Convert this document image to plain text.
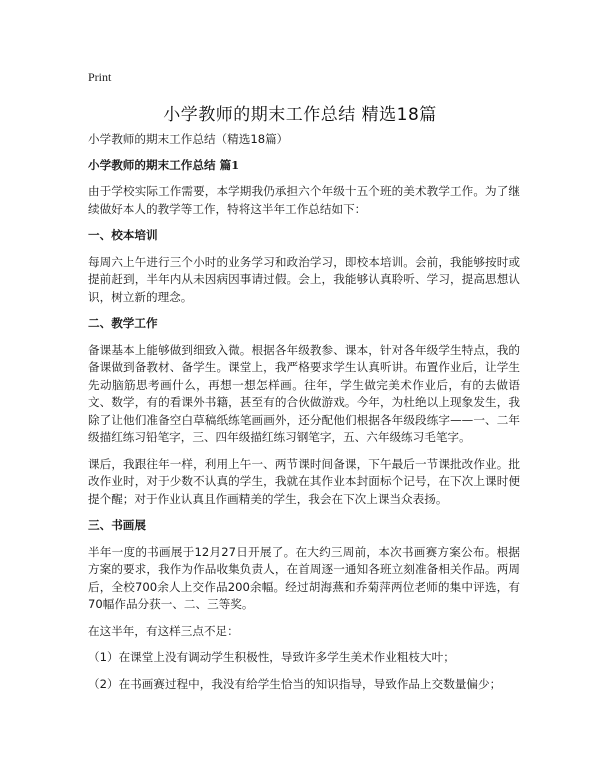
Print
小学教师的期末工作总结 精选18篇

小学教师的期末工作总结（精选18篇）

小学教师的期末工作总结 篇1

由于学校实际工作需要，本学期我仍承担六个年级十五个班的美术教学工作。为了继续做好本人的教学等工作，特将这半年工作总结如下：

一、校本培训

每周六上午进行三个小时的业务学习和政治学习，即校本培训。会前，我能够按时或提前赶到，半年内从未因病因事请过假。会上，我能够认真聆听、学习，提高思想认识，树立新的理念。

二、教学工作

备课基本上能够做到细致入微。根据各年级教参、课本，针对各年级学生特点，我的备课做到备教材、备学生。课堂上，我严格要求学生认真听讲。布置作业后，让学生先动脑筋思考画什么，再想一想怎样画。往年，学生做完美术作业后，有的去做语文、数学，有的看课外书籍，甚至有的合伙做游戏。今年，为杜绝以上现象发生，我除了让他们准备空白草稿纸练笔画画外，还分配他们根据各年级段练字——一、二年级描红练习铅笔字，三、四年级描红练习钢笔字，五、六年级练习毛笔字。

课后，我跟往年一样，利用上午一、两节课时间备课，下午最后一节课批改作业。批改作业时，对于少数不认真的学生，我就在其作业本封面标个记号，在下次上课时便提个醒；对于作业认真且作画精美的学生，我会在下次上课当众表扬。

三、书画展

半年一度的书画展于12月27日开展了。在大约三周前，本次书画赛方案公布。根据方案的要求，我作为作品收集负责人，在首周逐一通知各班立刻准备相关作品。两周后，全校700余人上交作品200余幅。经过胡海燕和乔菊萍两位老师的集中评选，有70幅作品分获一、二、三等奖。

在这半年，有这样三点不足：

（1）在课堂上没有调动学生积极性，导致许多学生美术作业粗枝大叶；

（2）在书画赛过程中，我没有给学生恰当的知识指导，导致作品上交数量偏少；
